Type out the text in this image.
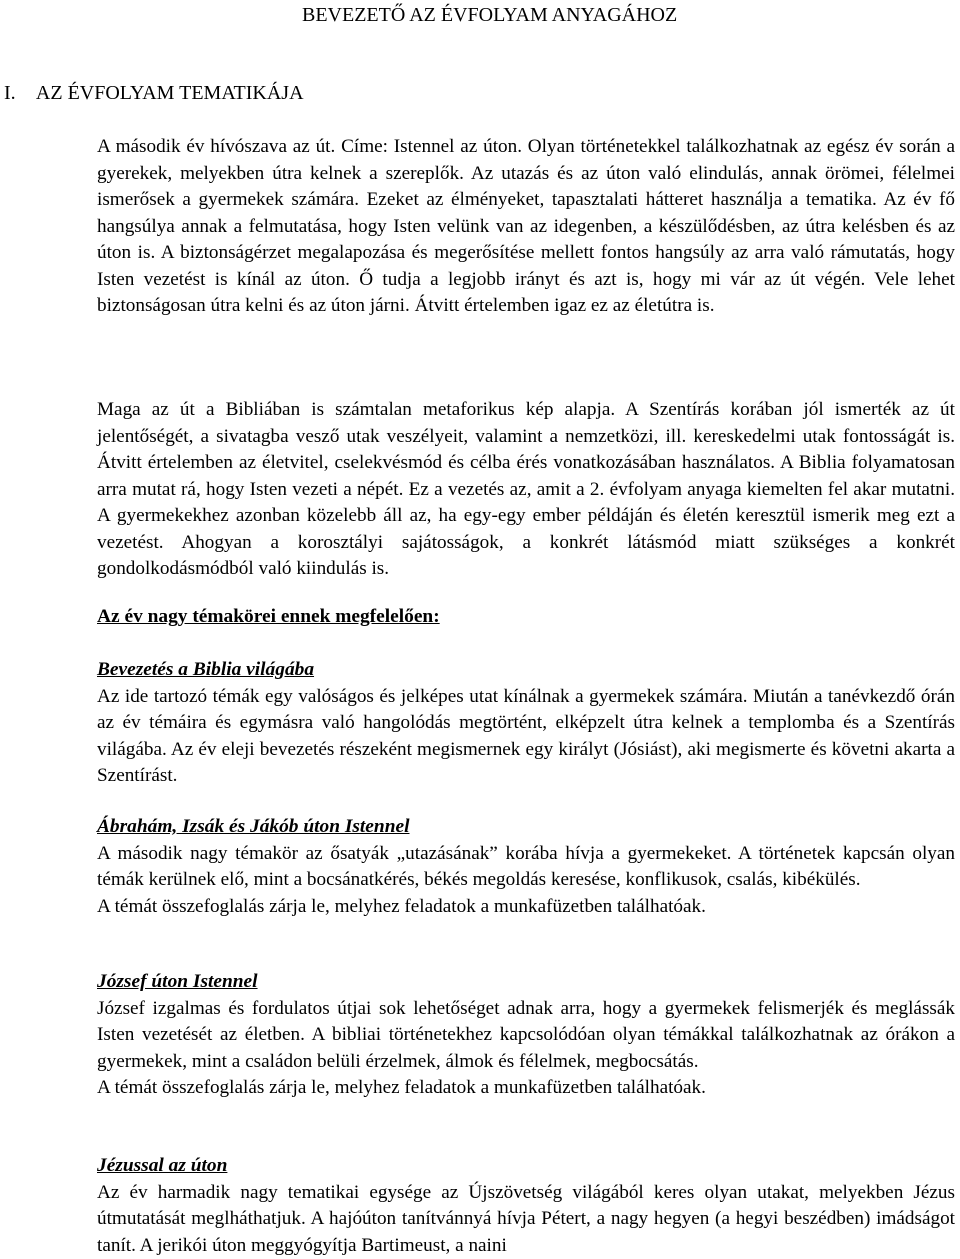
BEVEZETŐ AZ ÉVFOLYAM ANYAGÁHOZ
I. AZ ÉVFOLYAM TEMATIKÁJA

A második év hívószava az út. Címe: Istennel az úton. Olyan történetekkel találkozhatnak az egész év során a gyerekek, melyekben útra kelnek a szereplők. Az utazás és az úton való elindulás, annak örömei, félelmei ismerősek a gyermekek számára. Ezeket az élményeket, tapasztalati hátteret használja a tematika. Az év fő hangsúlya annak a felmutatása, hogy Isten velünk van az idegenben, a készülődésben, az útra kelésben és az úton is. A biztonságérzet megalapozása és megerősítése mellett fontos hangsúly az arra való rámutatás, hogy Isten vezetést is kínál az úton. Ő tudja a legjobb irányt és azt is, hogy mi vár az út végén. Vele lehet biztonságosan útra kelni és az úton járni. Átvitt értelemben igaz ez az életútra is.

Maga az út a Bibliában is számtalan metaforikus kép alapja. A Szentírás korában jól ismerték az út jelentőségét, a sivatagba vesző utak veszélyeit, valamint a nemzetközi, ill. kereskedelmi utak fontosságát is. Átvitt értelemben az életvitel, cselekvésmód és célba érés vonatkozásában használatos. A Biblia folyamatosan arra mutat rá, hogy Isten vezeti a népét. Ez a vezetés az, amit a 2. évfolyam anyaga kiemelten fel akar mutatni. A gyermekekhez azonban közelebb áll az, ha egy-egy ember példáján és életén keresztül ismerik meg ezt a vezetést. Ahogyan a korosztályi sajátosságok, a konkrét látásmód miatt szükséges a konkrét gondolkodásmódból való kiindulás is.

Az év nagy témakörei ennek megfelelően:

Bevezetés a Biblia világába

Az ide tartozó témák egy valóságos és jelképes utat kínálnak a gyermekek számára. Miután a tanévkezdő órán az év témáira és egymásra való hangolódás megtörtént, elképzelt útra kelnek a templomba és a Szentírás világába. Az év eleji bevezetés részeként megismernek egy királyt (Jósiást), aki megismerte és követni akarta a Szentírást.

Ábrahám, Izsák és Jákób úton Istennel

A második nagy témakör az ősatyák „utazásának” korába hívja a gyermekeket. A történetek kapcsán olyan témák kerülnek elő, mint a bocsánatkérés, békés megoldás keresése, konflikusok, csalás, kibékülés.

A témát összefoglalás zárja le, melyhez feladatok a munkafüzetben találhatóak.

József úton Istennel

József izgalmas és fordulatos útjai sok lehetőséget adnak arra, hogy a gyermekek felismerjék és meglássák Isten vezetését az életben. A bibliai történetekhez kapcsolódóan olyan témákkal találkozhatnak az órákon a gyermekek, mint a családon belüli érzelmek, álmok és félelmek, megbocsátás.

A témát összefoglalás zárja le, melyhez feladatok a munkafüzetben találhatóak.

Jézussal az úton

Az év harmadik nagy tematikai egysége az Újszövetség világából keres olyan utakat, melyekben Jézus útmutatását meglháthatjuk. A hajóúton tanítvánnyá hívja Pétert, a nagy hegyen (a hegyi beszédben) imádságot tanít. A jerikói úton meggyógyítja Bartimeust, a naini
